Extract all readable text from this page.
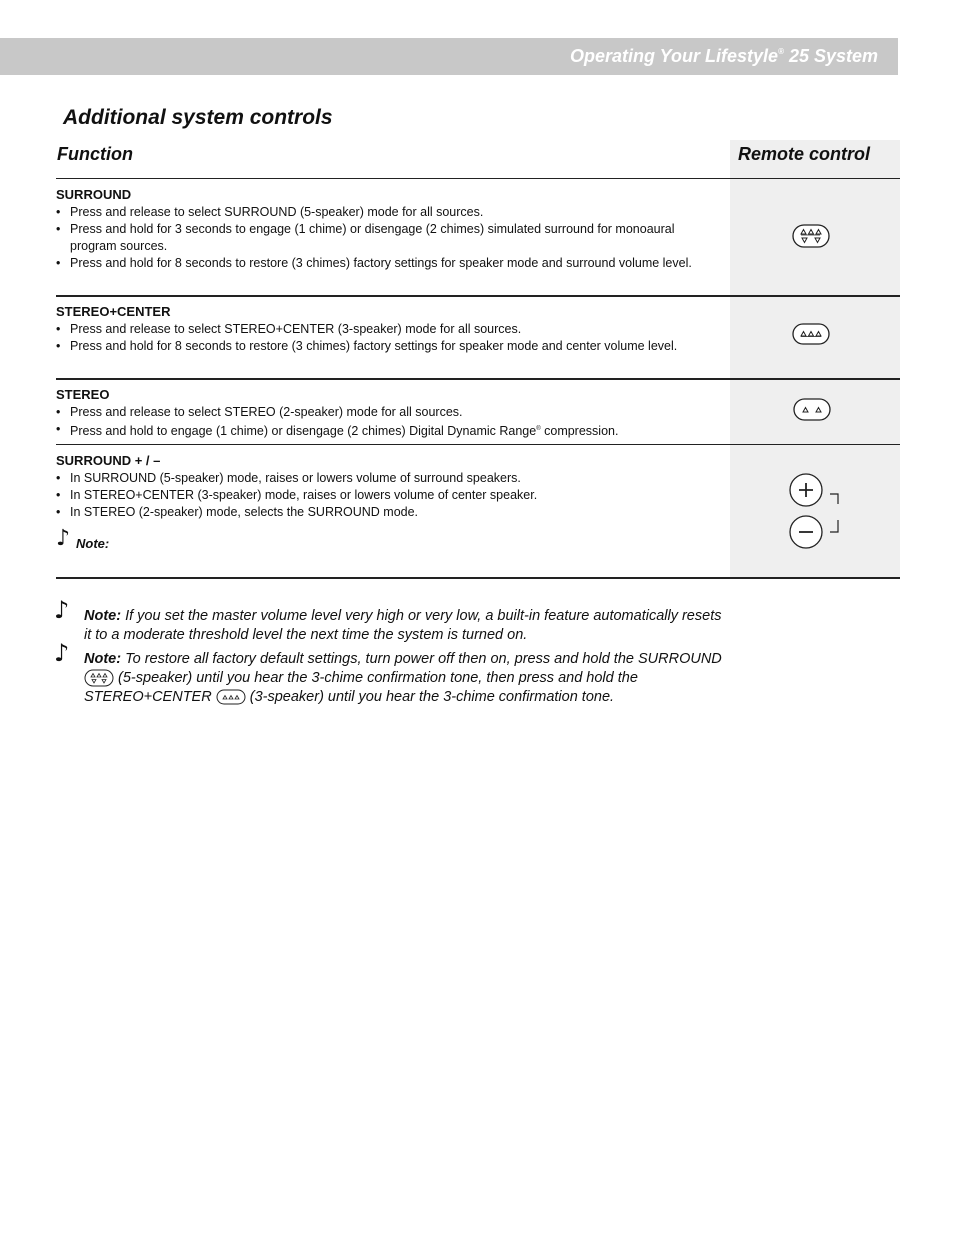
Operating Your Lifestyle® 25 System
Additional system controls
Function	Remote control
SURROUND
• Press and release to select SURROUND (5-speaker) mode for all sources.
• Press and hold for 3 seconds to engage (1 chime) or disengage (2 chimes) simulated surround for monoaural program sources.
• Press and hold for 8 seconds to restore (3 chimes) factory settings for speaker mode and surround volume level.
STEREO+CENTER
• Press and release to select STEREO+CENTER (3-speaker) mode for all sources.
• Press and hold for 8 seconds to restore (3 chimes) factory settings for speaker mode and center volume level.
STEREO
• Press and release to select STEREO (2-speaker) mode for all sources.
• Press and hold to engage (1 chime) or disengage (2 chimes) Digital Dynamic Range® compression.
SURROUND + / –
• In SURROUND (5-speaker) mode, raises or lowers volume of surround speakers.
• In STEREO+CENTER (3-speaker) mode, raises or lowers volume of center speaker.
• In STEREO (2-speaker) mode, selects the SURROUND mode.
♪ Note:
♪ Note: If you set the master volume level very high or very low, a built-in feature automatically resets it to a moderate threshold level the next time the system is turned on.
♪ Note: To restore all factory default settings, turn power off then on, press and hold the SURROUND  (5-speaker) until you hear the 3-chime confirmation tone, then press and hold the STEREO+CENTER  (3-speaker) until you hear the 3-chime confirmation tone.
